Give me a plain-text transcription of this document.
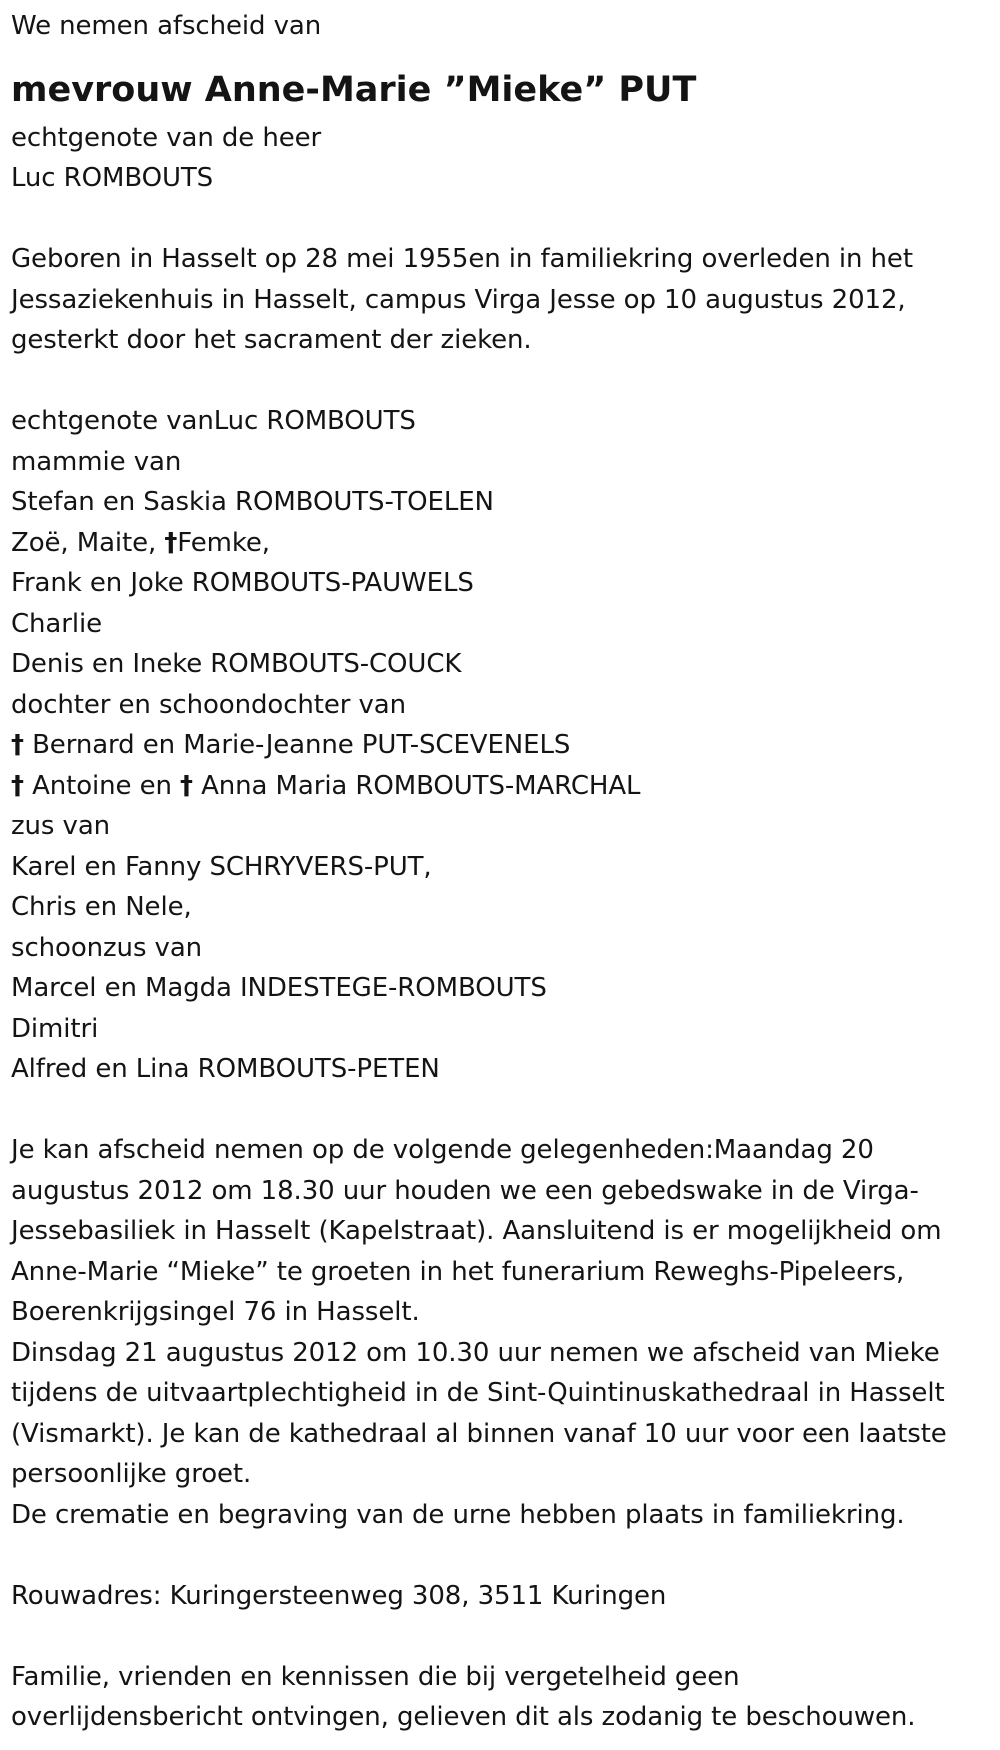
We nemen afscheid van
mevrouw Anne-Marie ”Mieke” PUT
echtgenote van de heer
Luc ROMBOUTS
Geboren in Hasselt op 28 mei 1955en in familiekring overleden in het
Jessaziekenhuis in Hasselt, campus Virga Jesse op 10 augustus 2012,
gesterkt door het sacrament der zieken.
echtgenote vanLuc ROMBOUTS
mammie van
Stefan en Saskia ROMBOUTS-TOELEN
Zoë, Maite, †Femke,
Frank en Joke ROMBOUTS-PAUWELS
Charlie
Denis en Ineke ROMBOUTS-COUCK
dochter en schoondochter van
† Bernard en Marie-Jeanne PUT-SCEVENELS
† Antoine en † Anna Maria ROMBOUTS-MARCHAL
zus van
Karel en Fanny SCHRYVERS-PUT,
Chris en Nele,
schoonzus van
Marcel en Magda INDESTEGE-ROMBOUTS
Dimitri
Alfred en Lina ROMBOUTS-PETEN
Je kan afscheid nemen op de volgende gelegenheden:Maandag 20
augustus 2012 om 18.30 uur houden we een gebedswake in de Virga-
Jessebasiliek in Hasselt (Kapelstraat). Aansluitend is er mogelijkheid om
Anne-Marie “Mieke” te groeten in het funerarium Reweghs-Pipeleers,
Boerenkrijgsingel 76 in Hasselt.
Dinsdag 21 augustus 2012 om 10.30 uur nemen we afscheid van Mieke
tijdens de uitvaartplechtigheid in de Sint-Quintinuskathedraal in Hasselt
(Vismarkt). Je kan de kathedraal al binnen vanaf 10 uur voor een laatste
persoonlijke groet.
De crematie en begraving van de urne hebben plaats in familiekring.
Rouwadres: Kuringersteenweg 308, 3511 Kuringen
Familie, vrienden en kennissen die bij vergetelheid geen
overlijdensbericht ontvingen, gelieven dit als zodanig te beschouwen.
